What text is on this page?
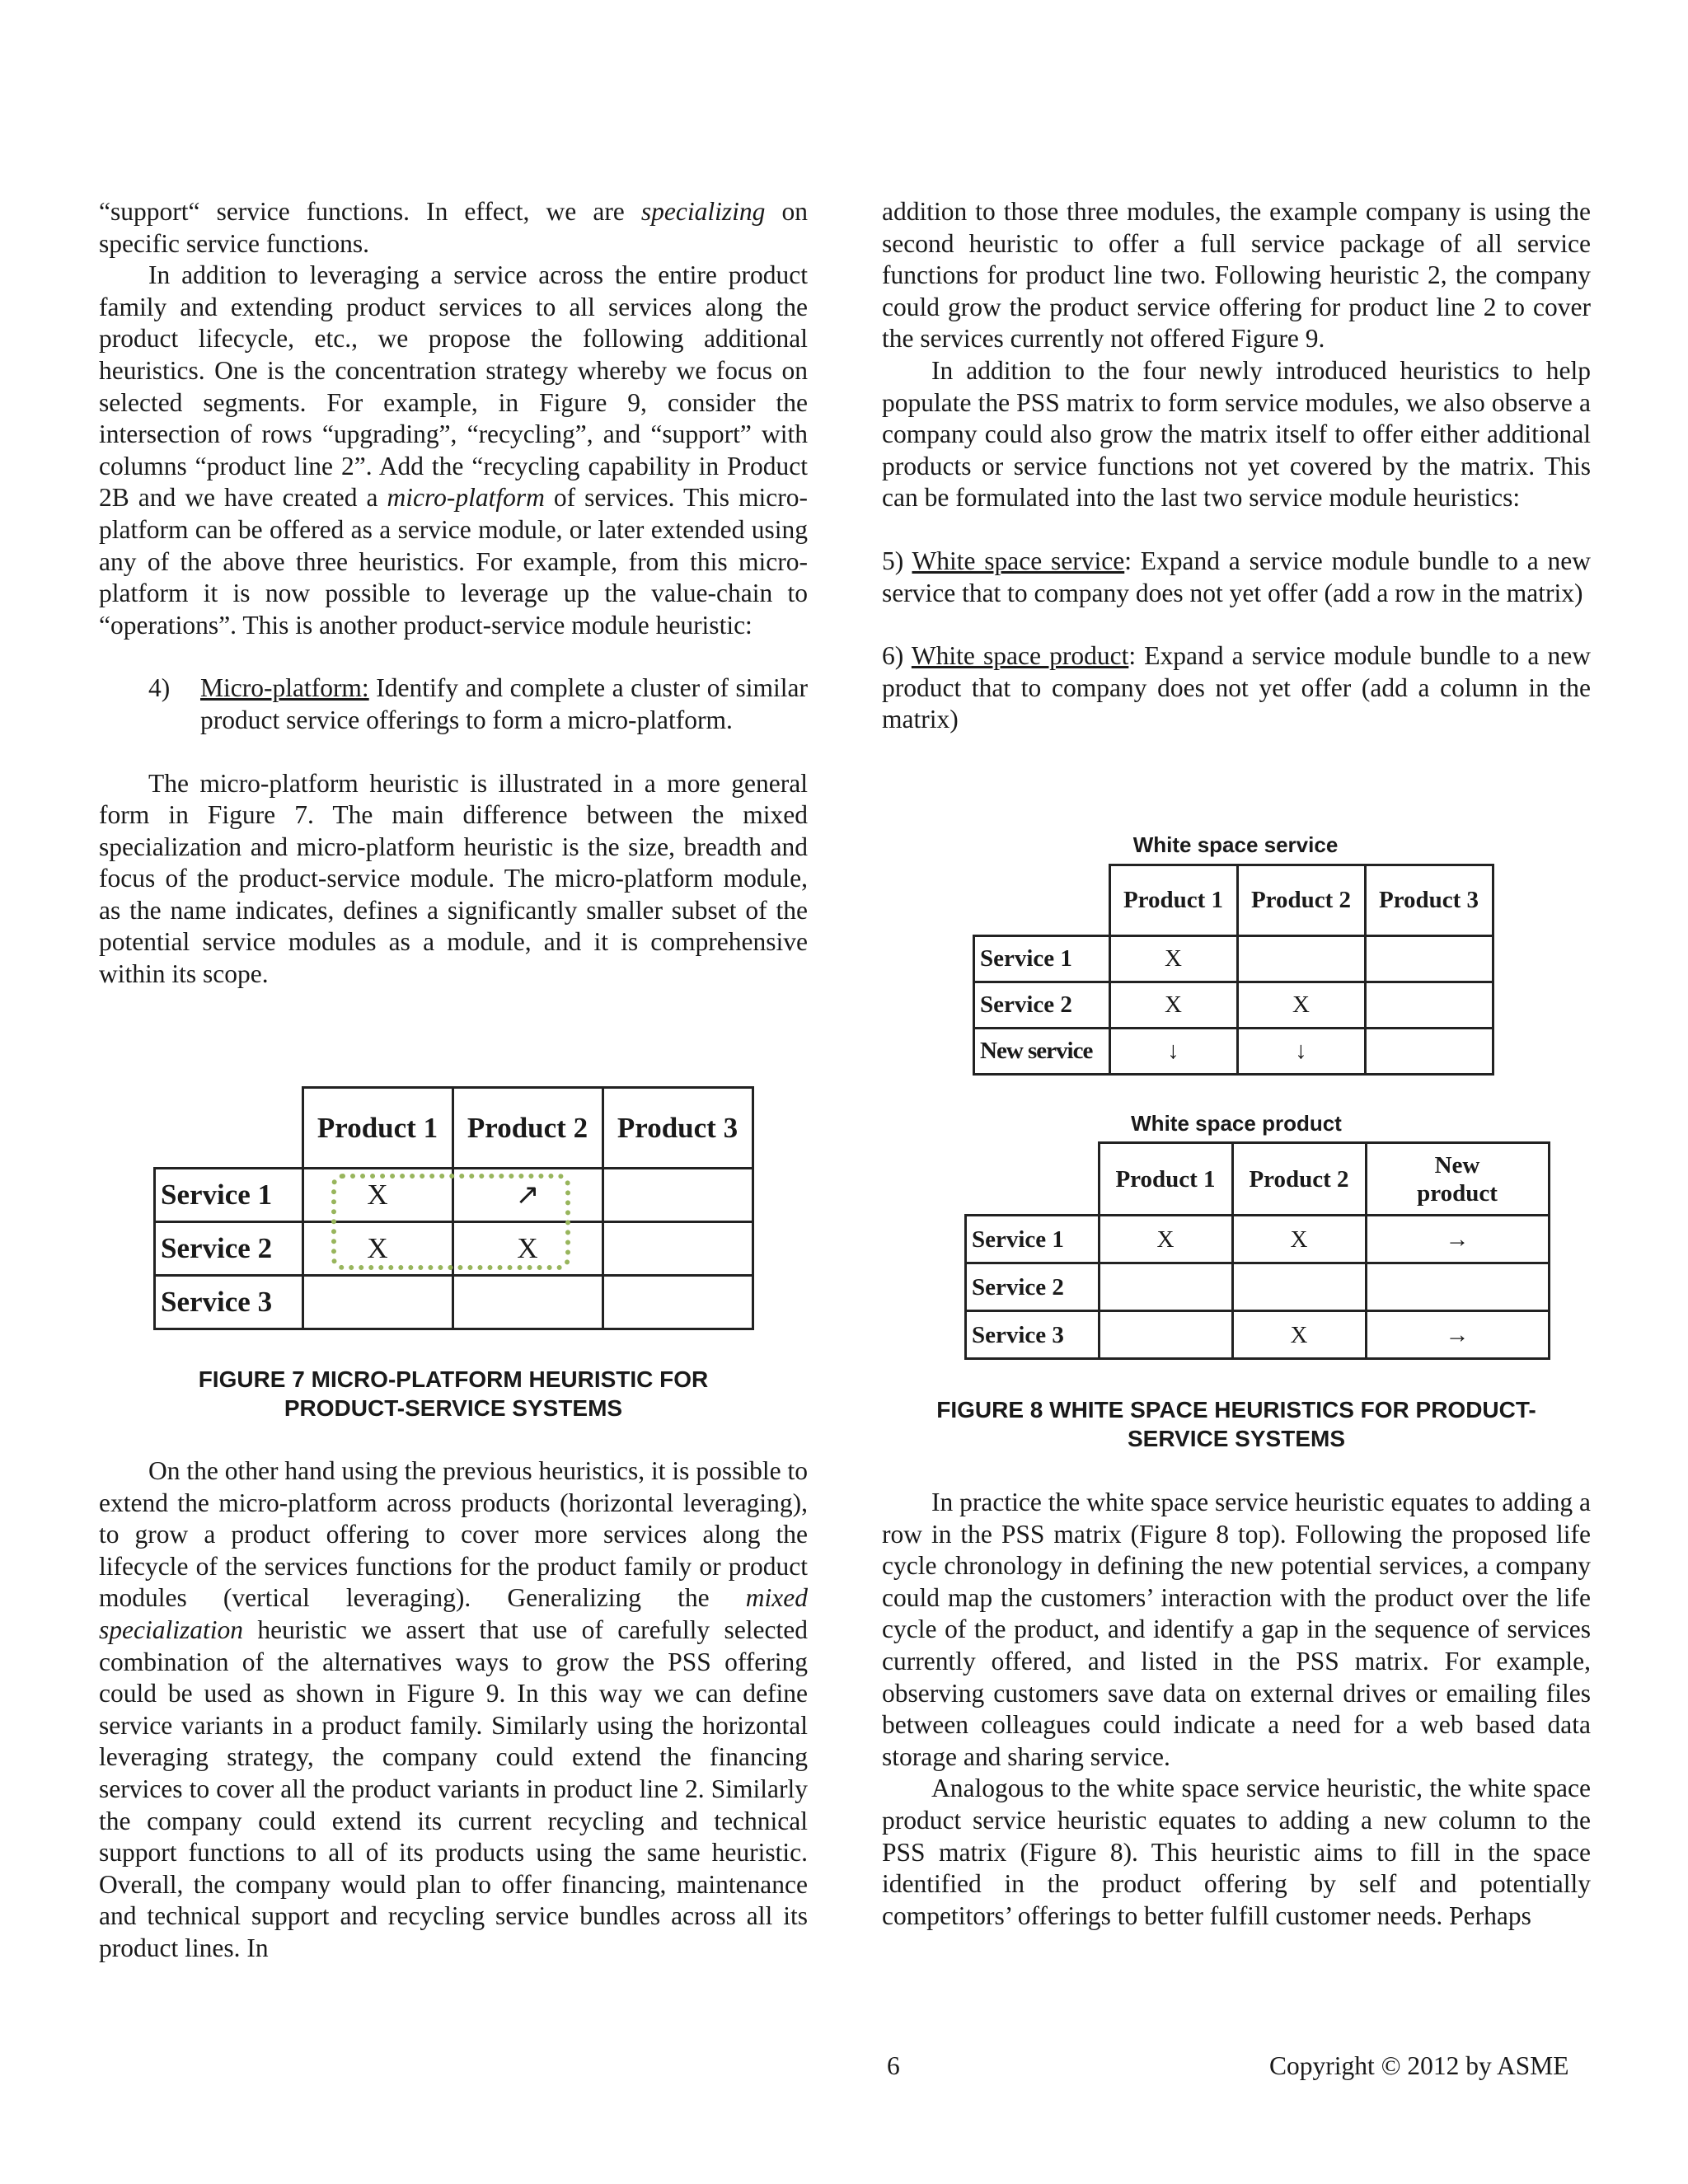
“support“ service functions. In effect, we are specializing on specific service functions.

In addition to leveraging a service across the entire product family and extending product services to all services along the product lifecycle, etc., we propose the following additional heuristics. One is the concentration strategy whereby we focus on selected segments. For example, in Figure 9, consider the intersection of rows “upgrading”, “recycling”, and “support” with columns “product line 2”. Add the “recycling capability in Product 2B and we have created a micro-platform of services. This micro-platform can be offered as a service module, or later extended using any of the above three heuristics. For example, from this micro-platform it is now possible to leverage up the value-chain to “operations”. This is another product-service module heuristic:

4)	Micro-platform: Identify and complete a cluster of similar product service offerings to form a micro-platform.

The micro-platform heuristic is illustrated in a more general form in Figure 7. The main difference between the mixed specialization and micro-platform heuristic is the size, breadth and focus of the product-service module. The micro-platform module, as the name indicates, defines a significantly smaller subset of the potential service modules as a module, and it is comprehensive within its scope.

On the other hand using the previous heuristics, it is possible to extend the micro-platform across products (horizontal leveraging), to grow a product offering to cover more services along the lifecycle of the services functions for the product family or product modules (vertical leveraging). Generalizing the mixed specialization heuristic we assert that use of carefully selected combination of the alternatives ways to grow the PSS offering could be used as shown in Figure 9. In this way we can define service variants in a product family. Similarly using the horizontal leveraging strategy, the company could extend the financing services to cover all the product variants in product line 2. Similarly the company could extend its current recycling and technical support functions to all of its products using the same heuristic. Overall, the company would plan to offer financing, maintenance and technical support and recycling service bundles across all its product lines. In

	Product 1	Product 2	Product 3
Service 1	X	↗	
Service 2	X	X	
Service 3			
FIGURE 7 MICRO-PLATFORM HEURISTIC FOR
PRODUCT-SERVICE SYSTEMS

addition to those three modules, the example company is using the second heuristic to offer a full service package of all service functions for product line two. Following heuristic 2, the company could grow the product service offering for product line 2 to cover the services currently not offered Figure 9.

In addition to the four newly introduced heuristics to help populate the PSS matrix to form service modules, we also observe a company could also grow the matrix itself to offer either additional products or service functions not yet covered by the matrix. This can be formulated into the last two service module heuristics:

5) White space service: Expand a service module bundle to a new service that to company does not yet offer (add a row in the matrix)

6) White space product: Expand a service module bundle to a new product that to company does not yet offer (add a column in the matrix)

White space service
	Product 1	Product 2	Product 3
Service 1	X		
Service 2	X	X	
New service	↓	↓	
White space product
	Product 1	Product 2	New product
Service 1	X	X	→
Service 2			
Service 3		X	→
FIGURE 8 WHITE SPACE HEURISTICS FOR PRODUCT-
SERVICE SYSTEMS

In practice the white space service heuristic equates to adding a row in the PSS matrix (Figure 8 top). Following the proposed life cycle chronology in defining the new potential services, a company could map the customers’ interaction with the product over the life cycle of the product, and identify a gap in the sequence of services currently offered, and listed in the PSS matrix. For example, observing customers save data on external drives or emailing files between colleagues could indicate a need for a web based data storage and sharing service.

Analogous to the white space service heuristic, the white space product service heuristic equates to adding a new column to the PSS matrix (Figure 8). This heuristic aims to fill in the space identified in the product offering by self and potentially competitors’ offerings to better fulfill customer needs. Perhaps

6	Copyright © 2012 by ASME
